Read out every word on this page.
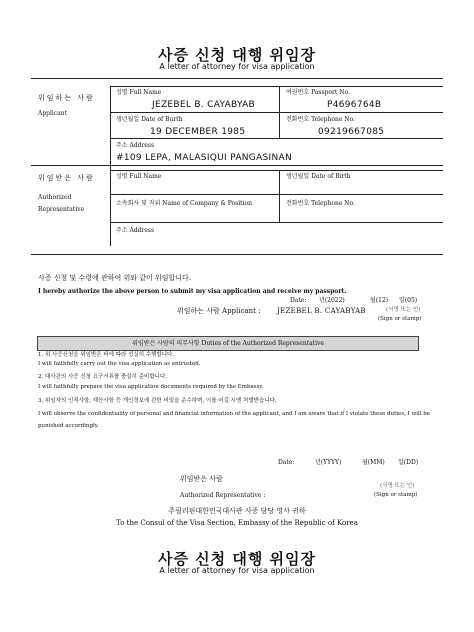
사증 신청 대행 위임장
A letter of attorney for visa application
위임하는 사람
Applicant
성명 Full Name
JEZEBEL B. CAYABYAB
여권번호 Passport No.
P4696764B
생년월일 Date of Burth
19 DECEMBER 1985
전화번호 Telephone No.
09219667085
주소 Address
#109 LEPA, MALASIQUI PANGASINAN
위임받은 사람
Authorized
Representative
성명 Full Name	생년월일 Date of Birth
소속회사 및 직위 Name of Company & Position	전화번호 Telephone No.
주소 Address
사증 신청 및 수령에 관하여 위와 같이 위임합니다.
I hereby authorize the above person to submit my visa application and receive my passport.
Date: 년(2022)	월(12) 일(05)
위임하는 사람 Applicant : JEZEBEL B. CAYABYAB	(서명 또는 인)
(Sign or stamp)
위임받은 사람의 의무사항 Duties of the Authorized Representative
1. 위 사증신청을 위임받은 바에 따라 성실히 수행합니다.
I will faithfully carry out the visa application as entrusted.
2. 대사관의 사증 신청 요구서류를 충실히 준비합니다.
I will faithfully prepare the visa application documents required by the Embassy.
3. 위임자의 인적사항, 재산사항 등 개인정보에 관한 비밀을 준수하며, 이를 어길 시엔 처벌받습니다.
I will observe the confidentiality of personal and financial information of the applicant, and I am aware that if I violate these duties, I will be punished accordingly.
Date:	년(YYYY)	월(MM) 일(DD)
위임받은 사람
(서명 또는 인)
Authorized Representative :	(Sign or stamp)
주필리핀대한민국대사관 사증 담당 영사 귀하
To the Consul of the Visa Section, Embassy of the Republic of Korea
사증 신청 대행 위임장
A letter of attorney for visa application
